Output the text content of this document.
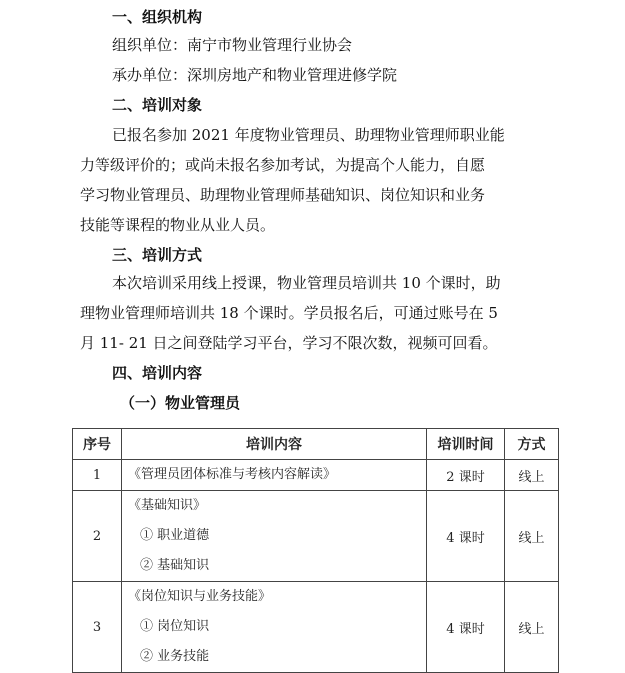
一、组织机构
组织单位：南宁市物业管理行业协会
承办单位：深圳房地产和物业管理进修学院
二、培训对象
已报名参加 2021 年度物业管理员、助理物业管理师职业能
力等级评价的；或尚未报名参加考试，为提高个人能力，自愿
学习物业管理员、助理物业管理师基础知识、岗位知识和业务
技能等课程的物业从业人员。
三、培训方式
本次培训采用线上授课，物业管理员培训共 10 个课时，助
理物业管理师培训共 18 个课时。学员报名后，可通过账号在 5
月 11- 21 日之间登陆学习平台，学习不限次数，视频可回看。
四、培训内容
（一）物业管理员
序号	培训内容	培训时间	方式
1	《管理员团体标准与考核内容解读》	2 课时	线上
2	《基础知识》
① 职业道德
② 基础知识	4 课时	线上
3	《岗位知识与业务技能》
① 岗位知识
② 业务技能	4 课时	线上
